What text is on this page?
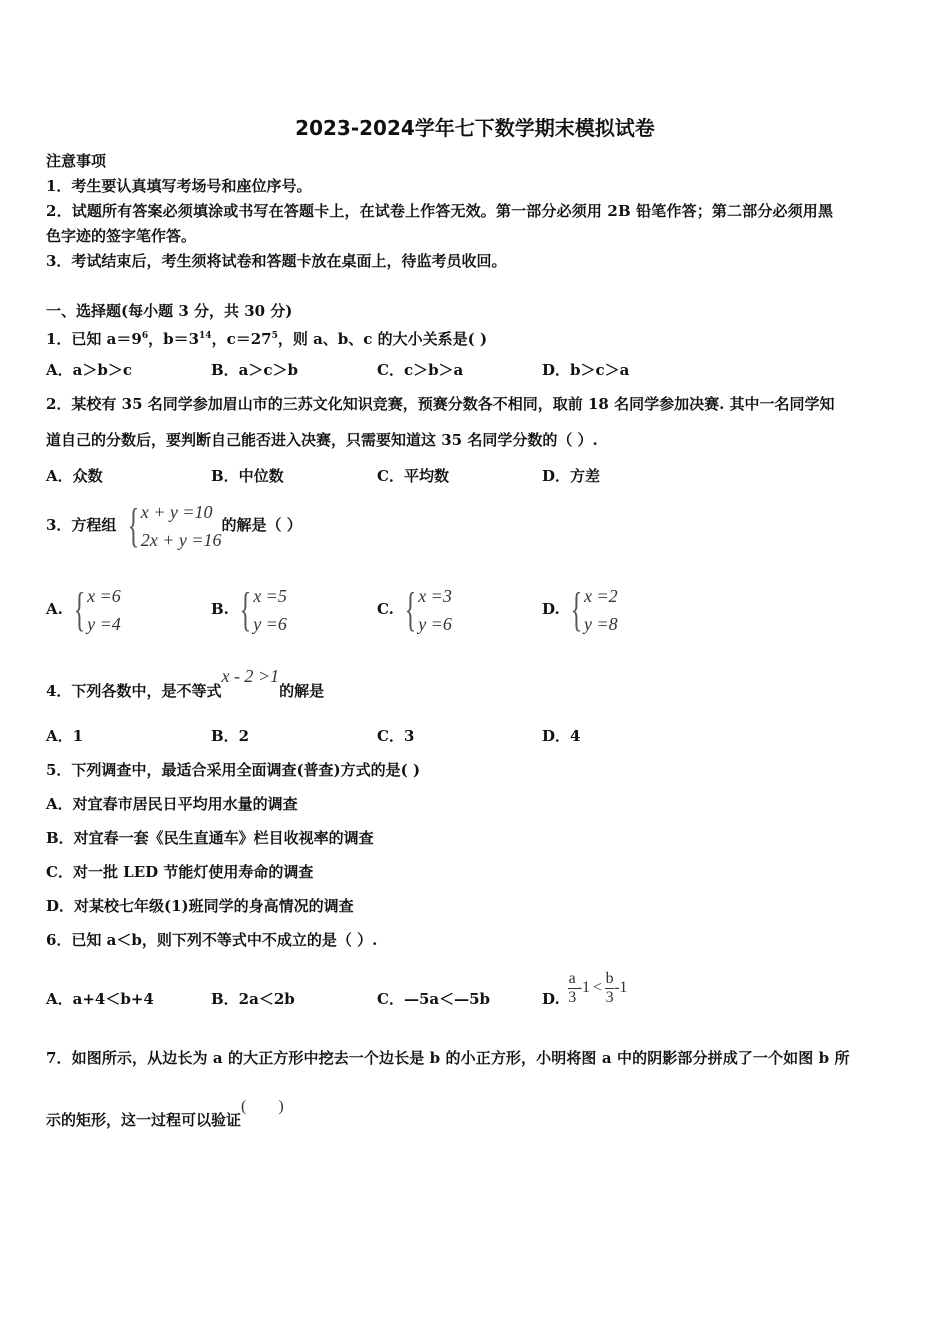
2023-2024学年七下数学期末模拟试卷
注意事项
1．考生要认真填写考场号和座位序号。
2．试题所有答案必须填涂或书写在答题卡上，在试卷上作答无效。第一部分必须用 2B 铅笔作答；第二部分必须用黑
色字迹的签字笔作答。
3．考试结束后，考生须将试卷和答题卡放在桌面上，待监考员收回。
一、选择题(每小题 3 分，共 30 分)
1．已知 $a=9^6$，$b=3^{14}$，$c=27^5$，则 a、b、c 的大小关系是( )
A．a＞b＞c	B．a＞c＞b	C．c＞b＞a	D．b＞c＞a
2．某校有 35 名同学参加眉山市的三苏文化知识竞赛，预赛分数各不相同，取前 18 名同学参加决赛. 其中一名同学知
道自己的分数后，要判断自己能否进入决赛，只需要知道这 35 名同学分数的（ ）.
A．众数	B．中位数	C．平均数	D．方差
3．方程组 { x + y =10
2x + y =16
的解是（ ）
A. { x =6
y =4
B. { x =5
y =6
C. { x =3
y =6
D. { x =2
y =8
4．下列各数中，是不等式x - 2 >1的解是
A．1	B．2	C．3	D．4
5．下列调查中，最适合采用全面调查(普查)方式的是( )
A．对宜春市居民日平均用水量的调查
B．对宜春一套《民生直通车》栏目收视率的调查
C．对一批 LED 节能灯使用寿命的调查
D．对某校七年级(1)班同学的身高情况的调查
6．已知 a＜b，则下列不等式中不成立的是（ ）.
A．a+4＜b+4	B．2a＜2b	C．—5a＜—5b	D. $\frac{a}{3} -1 < \frac{b}{3} -1$
7．如图所示，从边长为 a 的大正方形中挖去一个边长是 b 的小正方形，小明将图 a 中的阴影部分拼成了一个如图 b 所
示的矩形，这一过程可以验证(        )
